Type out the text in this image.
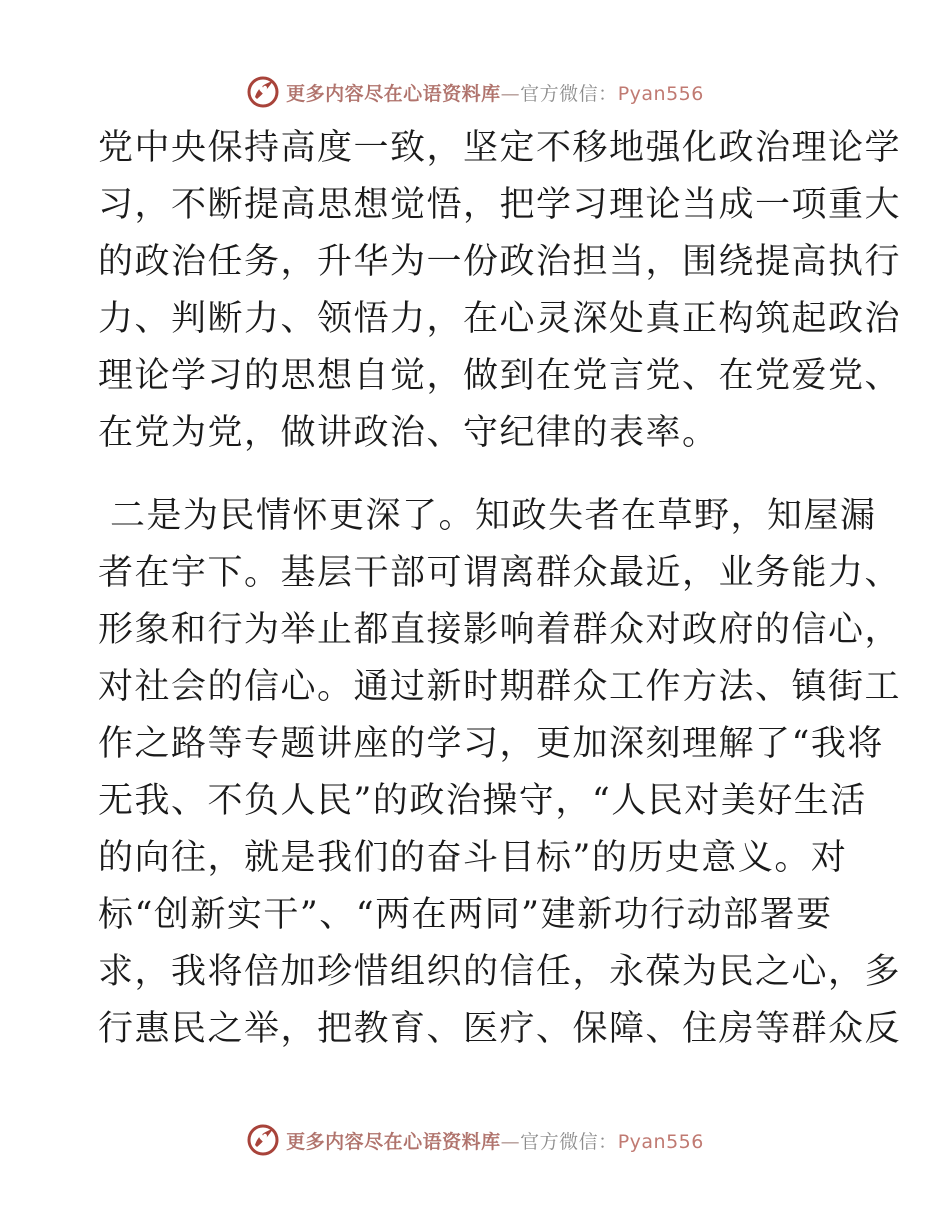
更多内容尽在心语资料库—官方微信：Pyan556
党中央保持高度一致，坚定不移地强化政治理论学
习，不断提高思想觉悟，把学习理论当成一项重大
的政治任务，升华为一份政治担当，围绕提高执行
力、判断力、领悟力，在心灵深处真正构筑起政治
理论学习的思想自觉，做到在党言党、在党爱党、
在党为党，做讲政治、守纪律的表率。
二是为民情怀更深了。知政失者在草野，知屋漏
者在宇下。基层干部可谓离群众最近，业务能力、
形象和行为举止都直接影响着群众对政府的信心，
对社会的信心。通过新时期群众工作方法、镇街工
作之路等专题讲座的学习，更加深刻理解了“我将
无我、不负人民”的政治操守，“人民对美好生活
的向往，就是我们的奋斗目标”的历史意义。对
标“创新实干”、“两在两同”建新功行动部署要
求，我将倍加珍惜组织的信任，永葆为民之心，多
行惠民之举，把教育、医疗、保障、住房等群众反
更多内容尽在心语资料库—官方微信：Pyan556
